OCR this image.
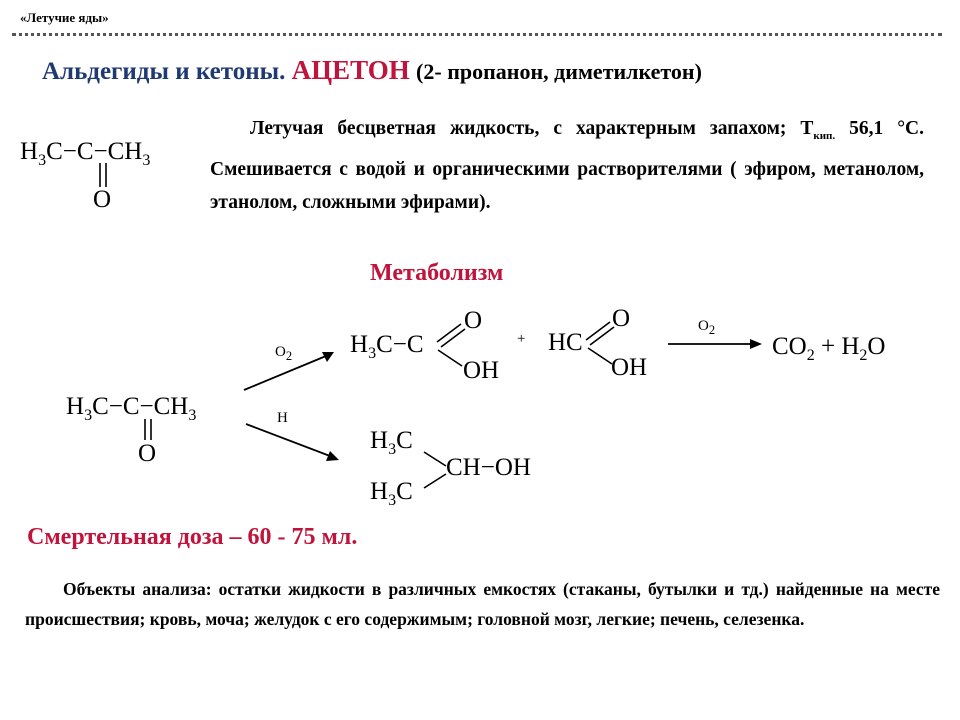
«Летучие яды»
Альдегиды и кетоны. АЦЕТОН (2- пропанон, диметилкетон)
$H_3C-C-CH_3$
O
Летучая бесцветная жидкость, с характерным запахом; $Т_{кип.}$ 56,1 °С. Смешивается с водой и органическими растворителями ( эфиром, метанолом, этанолом, сложными эфирами).
Метаболизм
$H_3C-C-CH_3$
O
$O_2$
H
$H_3C-C$
O
OH
+ HC
O
OH
$O_2$
$CO_2 + H_2O$
$H_3C$
CH−OH
$H_3C$
Смертельная доза – 60 - 75 мл.
Объекты анализа: остатки жидкости в различных емкостях (стаканы, бутылки и тд.) найденные на месте происшествия; кровь, моча; желудок с его содержимым; головной мозг, легкие; печень, селезенка.
